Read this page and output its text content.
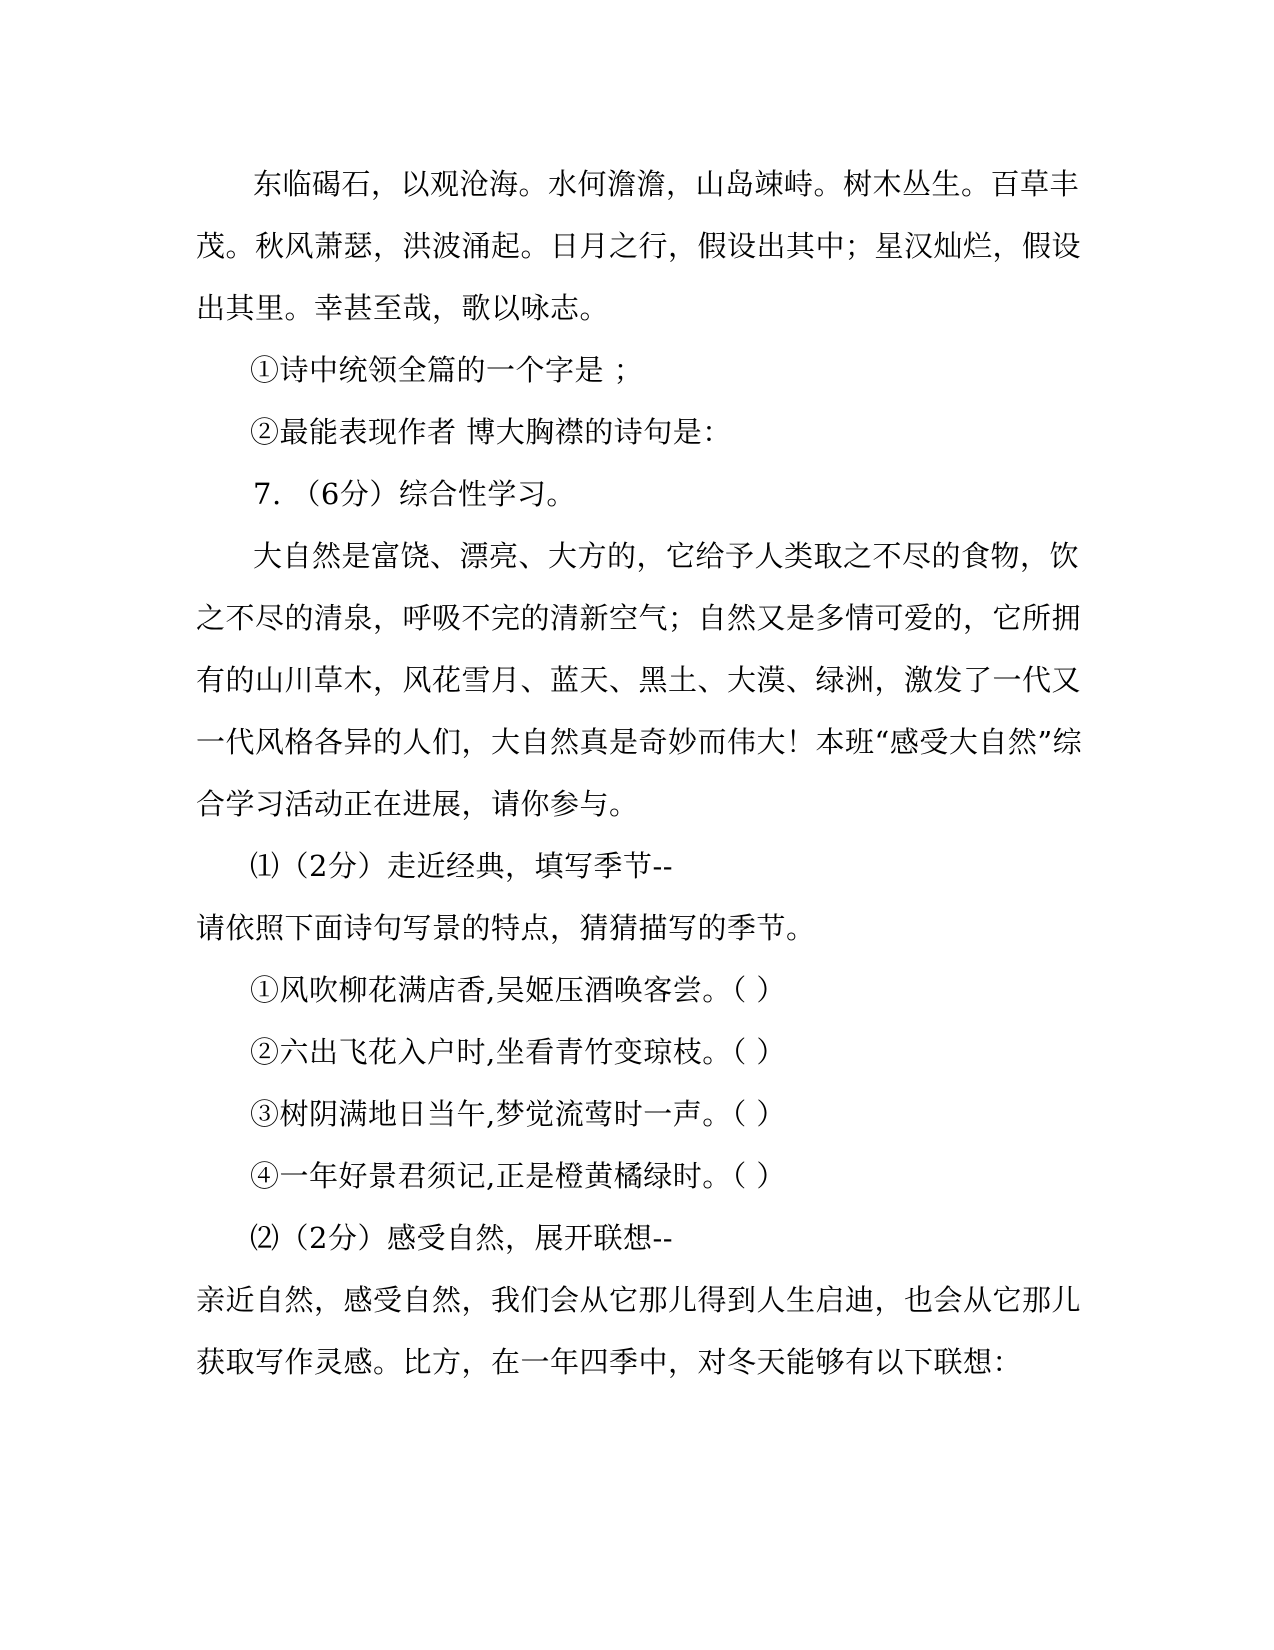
东临碣石，以观沧海。水何澹澹，山岛竦峙。树木丛生。百草丰
茂。秋风萧瑟，洪波涌起。日月之行，假设出其中；星汉灿烂，假设
出其里。幸甚至哉，歌以咏志。
①诗中统领全篇的一个字是 ；
②最能表现作者 博大胸襟的诗句是：
7. （6分）综合性学习。
大自然是富饶、漂亮、大方的，它给予人类取之不尽的食物，饮
之不尽的清泉，呼吸不完的清新空气；自然又是多情可爱的，它所拥
有的山川草木，风花雪月、蓝天、黑土、大漠、绿洲，激发了一代又
一代风格各异的人们，大自然真是奇妙而伟大！本班“感受大自然”综
合学习活动正在进展，请你参与。
⑴（2分）走近经典，填写季节--
请依照下面诗句写景的特点，猜猜描写的季节。
①风吹柳花满店香,吴姬压酒唤客尝。（ ）
②六出飞花入户时,坐看青竹变琼枝。（ ）
③树阴满地日当午,梦觉流莺时一声。（ ）
④一年好景君须记,正是橙黄橘绿时。（ ）
⑵（2分）感受自然，展开联想--
亲近自然，感受自然，我们会从它那儿得到人生启迪，也会从它那儿
获取写作灵感。比方，在一年四季中，对冬天能够有以下联想：
